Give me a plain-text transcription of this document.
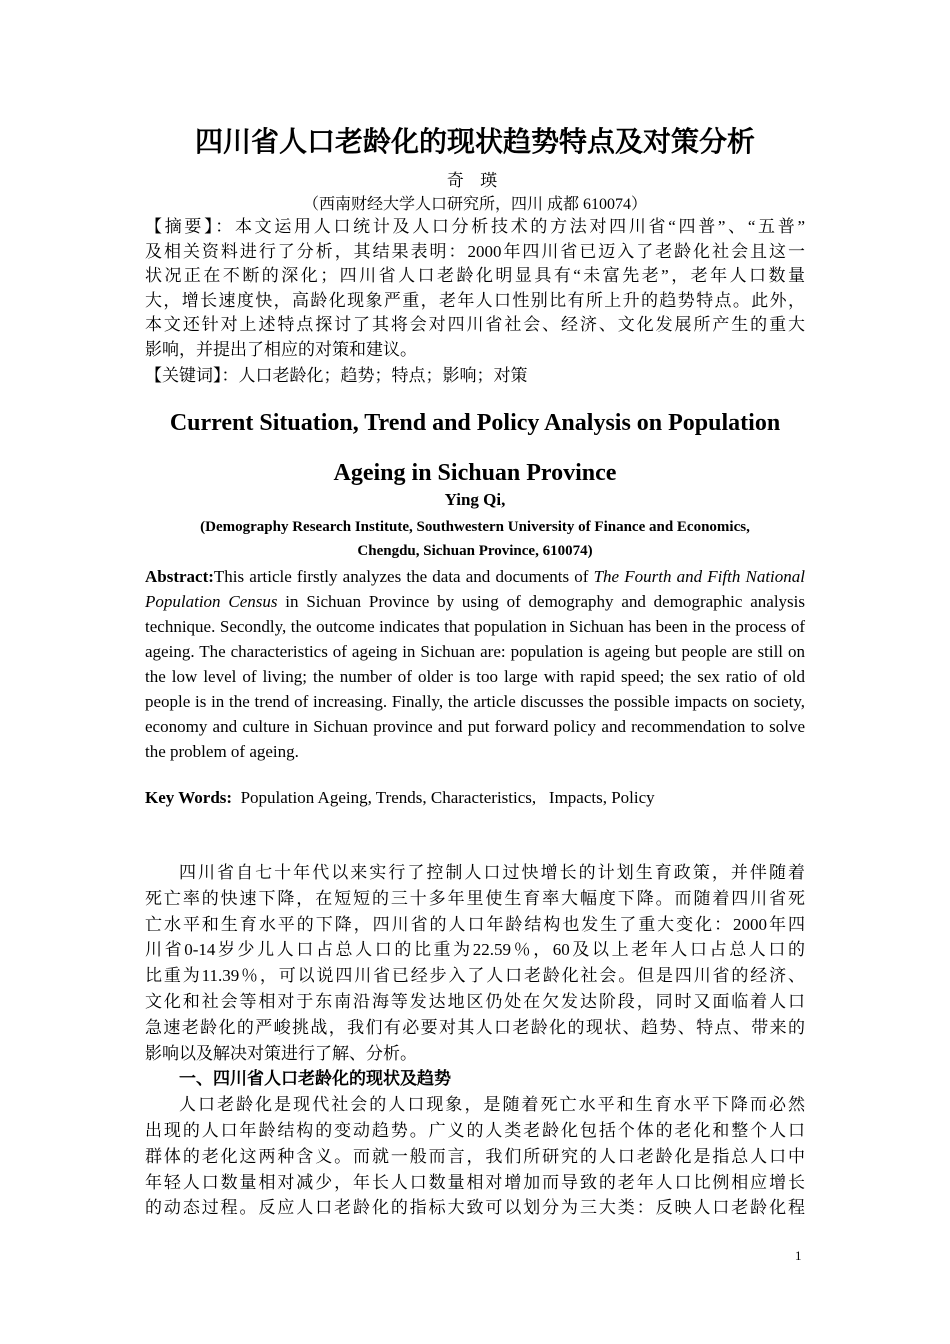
四川省人口老龄化的现状趋势特点及对策分析
奇 瑛
（西南财经大学人口研究所，四川 成都 610074）
【摘要】：本文运用人口统计及人口分析技术的方法对四川省“四普”、“五普”
及相关资料进行了分析，其结果表明：2000年四川省已迈入了老龄化社会且这一
状况正在不断的深化；四川省人口老龄化明显具有“未富先老”，老年人口数量
大，增长速度快，高龄化现象严重，老年人口性别比有所上升的趋势特点。此外，
本文还针对上述特点探讨了其将会对四川省社会、经济、文化发展所产生的重大
影响，并提出了相应的对策和建议。
【关键词】：人口老龄化；趋势；特点；影响；对策
Current Situation, Trend and Policy Analysis on Population
Ageing in Sichuan Province
Ying Qi,
(Demography Research Institute, Southwestern University of Finance and Economics,
Chengdu, Sichuan Province, 610074)
Abstract:This article firstly analyzes the data and documents of The Fourth and Fifth National Population Census in Sichuan Province by using of demography and demographic analysis technique. Secondly, the outcome indicates that population in Sichuan has been in the process of ageing. The characteristics of ageing in Sichuan are: population is ageing but people are still on the low level of living; the number of older is too large with rapid speed; the sex ratio of old people is in the trend of increasing. Finally, the article discusses the possible impacts on society, economy and culture in Sichuan province and put forward policy and recommendation to solve the problem of ageing.
Key Words:  Population Ageing, Trends, Characteristics,   Impacts, Policy
四川省自七十年代以来实行了控制人口过快增长的计划生育政策，并伴随着
死亡率的快速下降，在短短的三十多年里使生育率大幅度下降。而随着四川省死
亡水平和生育水平的下降，四川省的人口年龄结构也发生了重大变化：2000年四
川省0-14岁少儿人口占总人口的比重为22.59％，60及以上老年人口占总人口的
比重为11.39％，可以说四川省已经步入了人口老龄化社会。但是四川省的经济、
文化和社会等相对于东南沿海等发达地区仍处在欠发达阶段，同时又面临着人口
急速老龄化的严峻挑战，我们有必要对其人口老龄化的现状、趋势、特点、带来的
影响以及解决对策进行了解、分析。
一、四川省人口老龄化的现状及趋势
人口老龄化是现代社会的人口现象，是随着死亡水平和生育水平下降而必然
出现的人口年龄结构的变动趋势。广义的人类老龄化包括个体的老化和整个人口
群体的老化这两种含义。而就一般而言，我们所研究的人口老龄化是指总人口中
年轻人口数量相对减少，年长人口数量相对增加而导致的老年人口比例相应增长
的动态过程。反应人口老龄化的指标大致可以划分为三大类：反映人口老龄化程
1
